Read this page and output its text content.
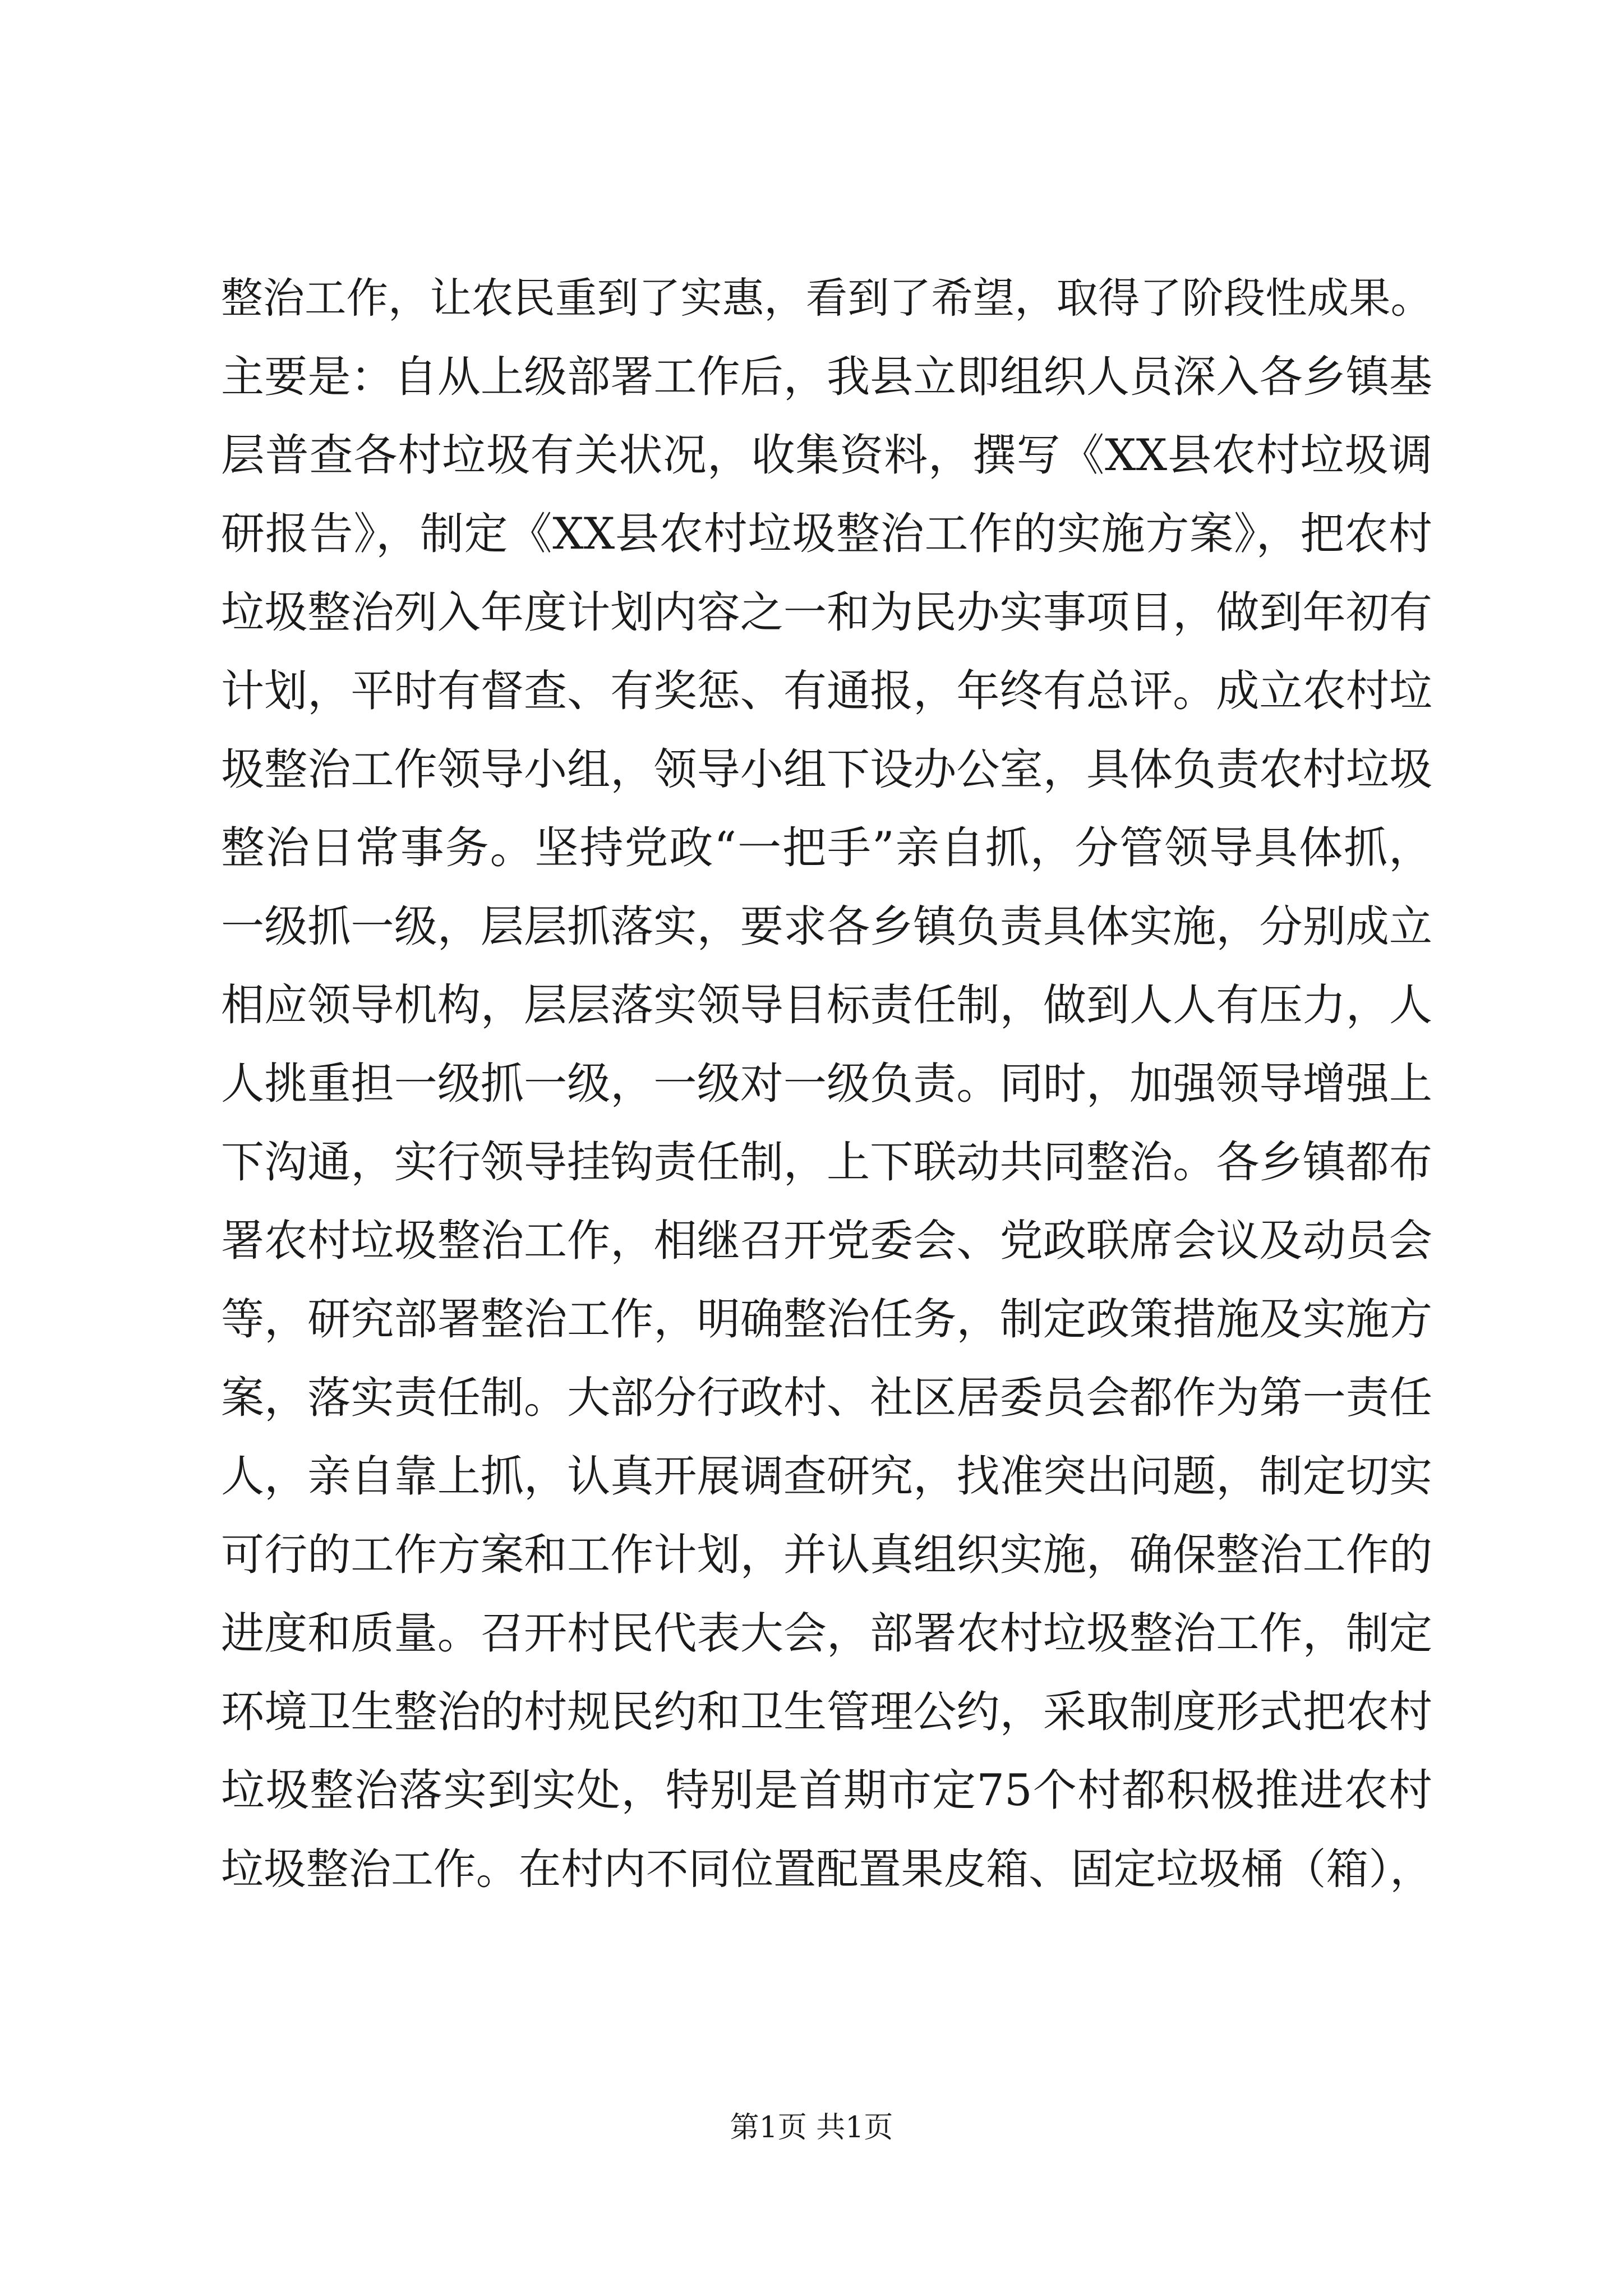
整治工作，让农民重到了实惠，看到了希望，取得了阶段性成果。
主要是：自从上级部署工作后，我县立即组织人员深入各乡镇基
层普查各村垃圾有关状况，收集资料，撰写《XX县农村垃圾调
研报告》，制定《XX县农村垃圾整治工作的实施方案》，把农村
垃圾整治列入年度计划内容之一和为民办实事项目，做到年初有
计划，平时有督查、有奖惩、有通报，年终有总评。成立农村垃
圾整治工作领导小组，领导小组下设办公室，具体负责农村垃圾
整治日常事务。坚持党政“一把手”亲自抓，分管领导具体抓，
一级抓一级，层层抓落实，要求各乡镇负责具体实施，分别成立
相应领导机构，层层落实领导目标责任制，做到人人有压力，人
人挑重担一级抓一级，一级对一级负责。同时，加强领导增强上
下沟通，实行领导挂钩责任制，上下联动共同整治。各乡镇都布
署农村垃圾整治工作，相继召开党委会、党政联席会议及动员会
等，研究部署整治工作，明确整治任务，制定政策措施及实施方
案，落实责任制。大部分行政村、社区居委员会都作为第一责任
人，亲自靠上抓，认真开展调查研究，找准突出问题，制定切实
可行的工作方案和工作计划，并认真组织实施，确保整治工作的
进度和质量。召开村民代表大会，部署农村垃圾整治工作，制定
环境卫生整治的村规民约和卫生管理公约，采取制度形式把农村
垃圾整治落实到实处，特别是首期市定75个村都积极推进农村
垃圾整治工作。在村内不同位置配置果皮箱、固定垃圾桶（箱），
第1页 共1页
